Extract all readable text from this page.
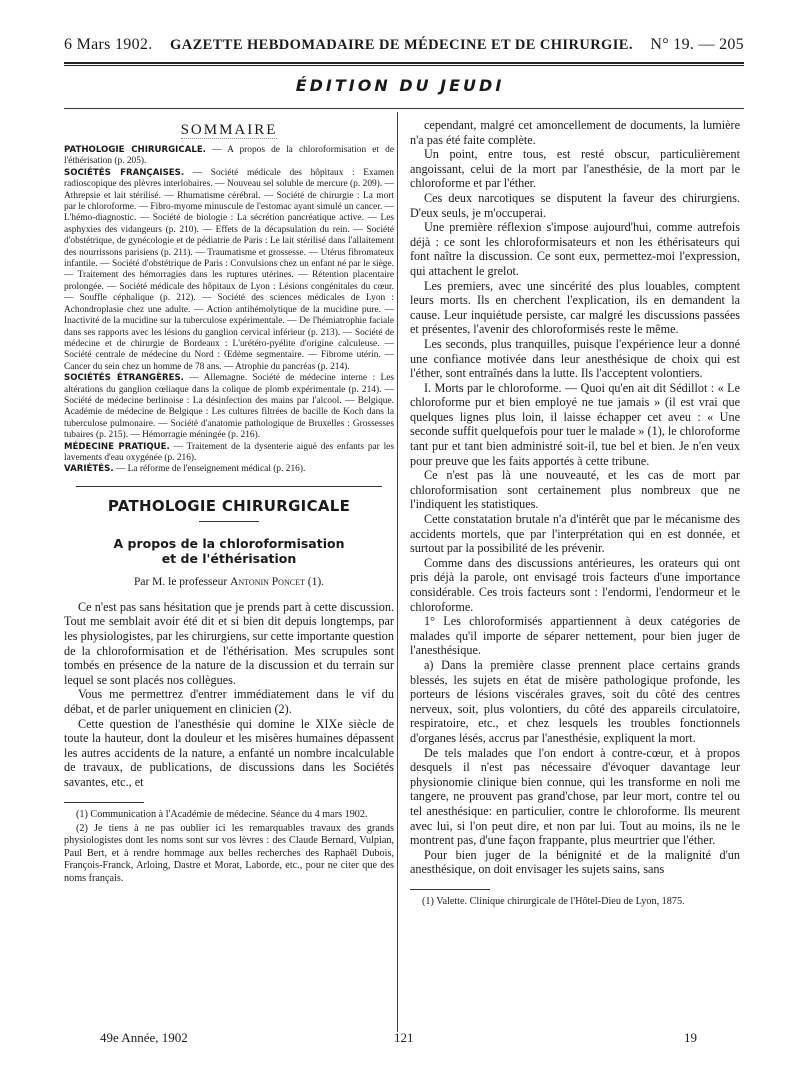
6 Mars 1902. GAZETTE HEBDOMADAIRE DE MÉDECINE ET DE CHIRURGIE. N° 19. — 205
ÉDITION DU JEUDI
SOMMAIRE

PATHOLOGIE CHIRURGICALE. — A propos de la chloroformisation et de l'éthérisation (p. 205).

SOCIÉTÉS FRANÇAISES. — Société médicale des hôpitaux : Examen radioscopique des plèvres interlobaires. — Nouveau sel soluble de mercure (p. 209). — Athrepsie et lait stérilisé. — Rhumatisme cérébral. — Société de chirurgie : La mort par le chloroforme. — Fibro-myome minuscule de l'estomac ayant simulé un cancer. — L'hémo-diagnostic. — Société de biologie : La sécrétion pancréatique active. — Les asphyxies des vidangeurs (p. 210). — Effets de la décapsulation du rein. — Société d'obstétrique, de gynécologie et de pédiatrie de Paris : Le lait stérilisé dans l'allaitement des nourrissons parisiens (p. 211). — Traumatisme et grossesse. — Utérus fibromateux infantile. — Société d'obstétrique de Paris : Convulsions chez un enfant né par le siège. — Traitement des hémorragies dans les ruptures utérines. — Rétention placentaire prolongée. — Société médicale des hôpitaux de Lyon : Lésions congénitales du cœur. — Souffle céphalique (p. 212). — Société des sciences médicales de Lyon : Achondroplasie chez une adulte. — Action antihémolytique de la mucidine pure. — Inactivité de la mucidine sur la tuberculose expérimentale. — De l'hémiatrophie faciale dans ses rapports avec les lésions du ganglion cervical inférieur (p. 213). — Société de médecine et de chirurgie de Bordeaux : L'urétéro-pyélite d'origine calculeuse. — Société centrale de médecine du Nord : Œdème segmentaire. — Fibrome utérin. — Cancer du sein chez un homme de 78 ans. — Atrophie du pancréas (p. 214).

SOCIÉTÉS ÉTRANGÈRES. — Allemagne. Société de médecine interne : Les altérations du ganglion cœliaque dans la colique de plomb expérimentale (p. 214). — Société de médecine berlinoise : La désinfection des mains par l'alcool. — Belgique. Académie de médecine de Belgique : Les cultures filtrées de bacille de Koch dans la tuberculose pulmonaire. — Société d'anatomie pathologique de Bruxelles : Grossesses tubaires (p. 215). — Hémorragie méningée (p. 216).

MÉDECINE PRATIQUE. — Traitement de la dysenterie aiguë des enfants par les lavements d'eau oxygénée (p. 216).

VARIÉTÉS. — La réforme de l'enseignement médical (p. 216).

PATHOLOGIE CHIRURGICALE
A propos de la chloroformisation
et de l'éthérisation
Par M. le professeur Antonin Poncet (1).

Ce n'est pas sans hésitation que je prends part à cette discussion. Tout me semblait avoir été dit et si bien dit depuis longtemps, par les physiologistes, par les chirurgiens, sur cette importante question de la chloroformisation et de l'éthérisation. Mes scrupules sont tombés en présence de la nature de la discussion et du terrain sur lequel se sont placés nos collègues.

Vous me permettrez d'entrer immédiatement dans le vif du débat, et de parler uniquement en clinicien (2).

Cette question de l'anesthésie qui domine le XIXe siècle de toute la hauteur, dont la douleur et les misères humaines dépassent les autres accidents de la nature, a enfanté un nombre incalculable de travaux, de publications, de discussions dans les Sociétés savantes, etc., et

(1) Communication à l'Académie de médecine. Séance du 4 mars 1902.

(2) Je tiens à ne pas oublier ici les remarquables travaux des grands physiologistes dont les noms sont sur vos lèvres : des Claude Bernard, Vulpian, Paul Bert, et à rendre hommage aux belles recherches des Raphaël Dubois, François-Franck, Arloing, Dastre et Morat, Laborde, etc., pour ne citer que des noms français.

cependant, malgré cet amoncellement de documents, la lumière n'a pas été faite complète.

Un point, entre tous, est resté obscur, particulièrement angoissant, celui de la mort par l'anesthésie, de la mort par le chloroforme et par l'éther.

Ces deux narcotiques se disputent la faveur des chirurgiens. D'eux seuls, je m'occuperai.

Une première réflexion s'impose aujourd'hui, comme autrefois déjà : ce sont les chloroformisateurs et non les éthérisateurs qui font naître la discussion. Ce sont eux, permettez-moi l'expression, qui attachent le grelot.

Les premiers, avec une sincérité des plus louables, comptent leurs morts. Ils en cherchent l'explication, ils en demandent la cause. Leur inquiétude persiste, car malgré les discussions passées et présentes, l'avenir des chloroformisés reste le même.

Les seconds, plus tranquilles, puisque l'expérience leur a donné une confiance motivée dans leur anesthésique de choix qui est l'éther, sont entraînés dans la lutte. Ils l'acceptent volontiers.

I. Morts par le chloroforme. — Quoi qu'en ait dit Sédillot : « Le chloroforme pur et bien employé ne tue jamais » (il est vrai que quelques lignes plus loin, il laisse échapper cet aveu : « Une seconde suffit quelquefois pour tuer le malade » (1), le chloroforme tant pur et tant bien administré soit-il, tue bel et bien. Je n'en veux pour preuve que les faits apportés à cette tribune.

Ce n'est pas là une nouveauté, et les cas de mort par chloroformisation sont certainement plus nombreux que ne l'indiquent les statistiques.

Cette constatation brutale n'a d'intérêt que par le mécanisme des accidents mortels, que par l'interprétation qui en est donnée, et surtout par la possibilité de les prévenir.

Comme dans des discussions antérieures, les orateurs qui ont pris déjà la parole, ont envisagé trois facteurs d'une importance considérable. Ces trois facteurs sont : l'endormi, l'endormeur et le chloroforme.

1° Les chloroformisés appartiennent à deux catégories de malades qu'il importe de séparer nettement, pour bien juger de l'anesthésique.

a) Dans la première classe prennent place certains grands blessés, les sujets en état de misère pathologique profonde, les porteurs de lésions viscérales graves, soit du côté des centres nerveux, soit, plus volontiers, du côté des appareils circulatoire, respiratoire, etc., et chez lesquels les troubles fonctionnels d'organes lésés, accrus par l'anesthésie, expliquent la mort.

De tels malades que l'on endort à contre-cœur, et à propos desquels il n'est pas nécessaire d'évoquer davantage leur physionomie clinique bien connue, qui les transforme en noli me tangere, ne prouvent pas grand'chose, par leur mort, contre tel ou tel anesthésique: en particulier, contre le chloroforme. Ils meurent avec lui, si l'on peut dire, et non par lui. Tout au moins, ils ne le montrent pas, d'une façon frappante, plus meurtrier que l'éther.

Pour bien juger de la bénignité et de la malignité d'un anesthésique, on doit envisager les sujets sains, sans

(1) Valette. Clinique chirurgicale de l'Hôtel-Dieu de Lyon, 1875.

49e Année, 1902	121	19
